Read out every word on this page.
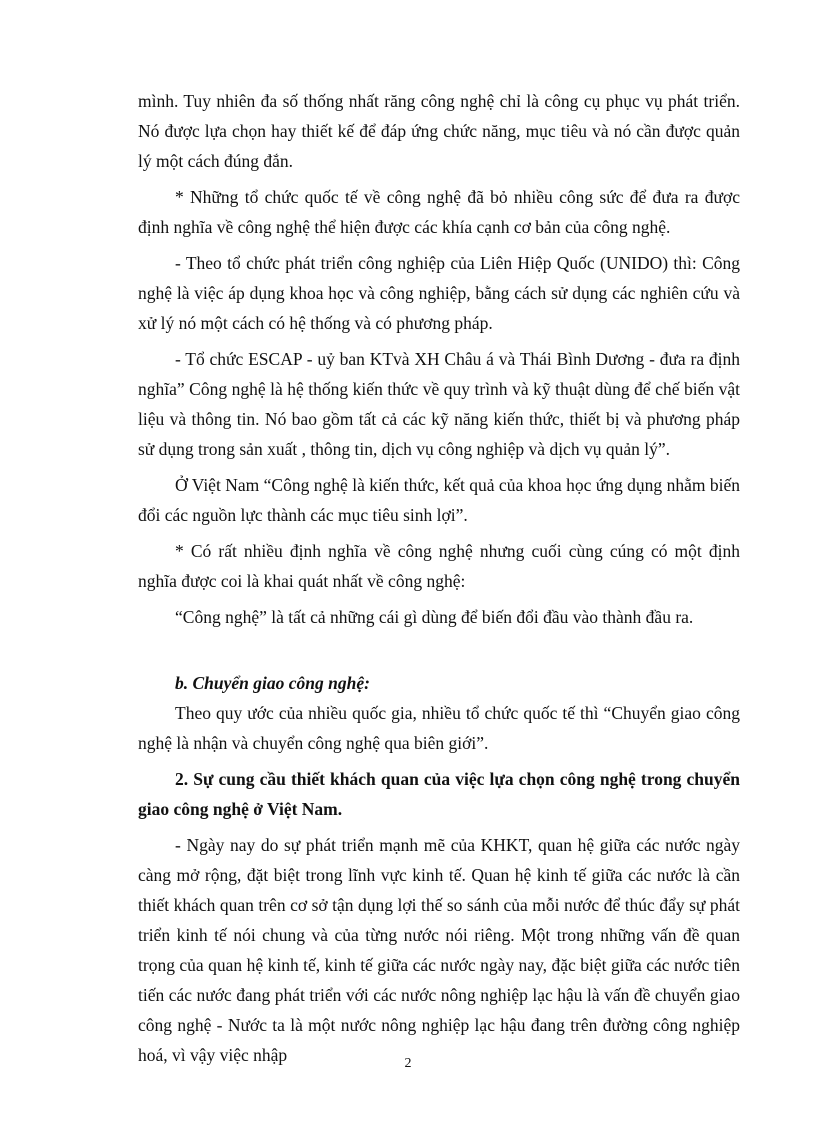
mình. Tuy nhiên đa số thống nhất răng công nghệ chỉ là công cụ phục vụ phát triển. Nó được lựa chọn hay thiết kế để đáp ứng chức năng, mục tiêu và nó cần được quản lý một cách đúng đắn.

* Những tổ chức quốc tế về công nghệ đã bỏ nhiều công sức để đưa ra được định nghĩa về công nghệ thể hiện được các khía cạnh cơ bản của công nghệ.

- Theo tổ chức phát triển công nghiệp của Liên Hiệp Quốc (UNIDO) thì: Công nghệ là việc áp dụng khoa học và công nghiệp, bằng cách sử dụng các nghiên cứu và xử lý nó một cách có hệ thống và có phương pháp.

- Tổ chức ESCAP - uỷ ban KTvà XH Châu á và Thái Bình Dương - đưa ra định nghĩa” Công nghệ là hệ thống kiến thức về quy trình và kỹ thuật dùng để chế biến vật liệu và thông tin. Nó bao gồm tất cả các kỹ năng kiến thức, thiết bị và phương pháp sử dụng trong sản xuất , thông tin, dịch vụ công nghiệp và dịch vụ quản lý”.

Ở Việt Nam “Công nghệ là kiến thức, kết quả của khoa học ứng dụng nhằm biến đổi các nguồn lực thành các mục tiêu sinh lợi”.

* Có rất nhiều định nghĩa về công nghệ nhưng cuối cùng cúng có một định nghĩa được coi là khai quát nhất về công nghệ:

“Công nghệ” là tất cả những cái gì dùng để biến đổi đầu vào thành đầu ra.

b. Chuyển giao công nghệ:

Theo quy ước của nhiều quốc gia, nhiều tổ chức quốc tế thì “Chuyển giao công nghệ là nhận và chuyển công nghệ qua biên giới”.

2. Sự cung cầu thiết khách quan của việc lựa chọn công nghệ trong chuyển giao công nghệ ở Việt Nam.

- Ngày nay do sự phát triển mạnh mẽ của KHKT, quan hệ giữa các nước ngày càng mở rộng, đặt biệt trong lĩnh vực kinh tế. Quan hệ kinh tế giữa các nước là cần thiết khách quan trên cơ sở tận dụng lợi thế so sánh của mỗi nước để thúc đẩy sự phát triển kinh tế nói chung và của từng nước nói riêng. Một trong những vấn đề quan trọng của quan hệ kinh tế, kinh tế giữa các nước ngày nay, đặc biệt giữa các nước tiên tiến các nước đang phát triển với các nước nông nghiệp lạc hậu là vấn đề chuyển giao công nghệ - Nước ta là một nước nông nghiệp lạc hậu đang trên đường công nghiệp hoá, vì vậy việc nhập	2
